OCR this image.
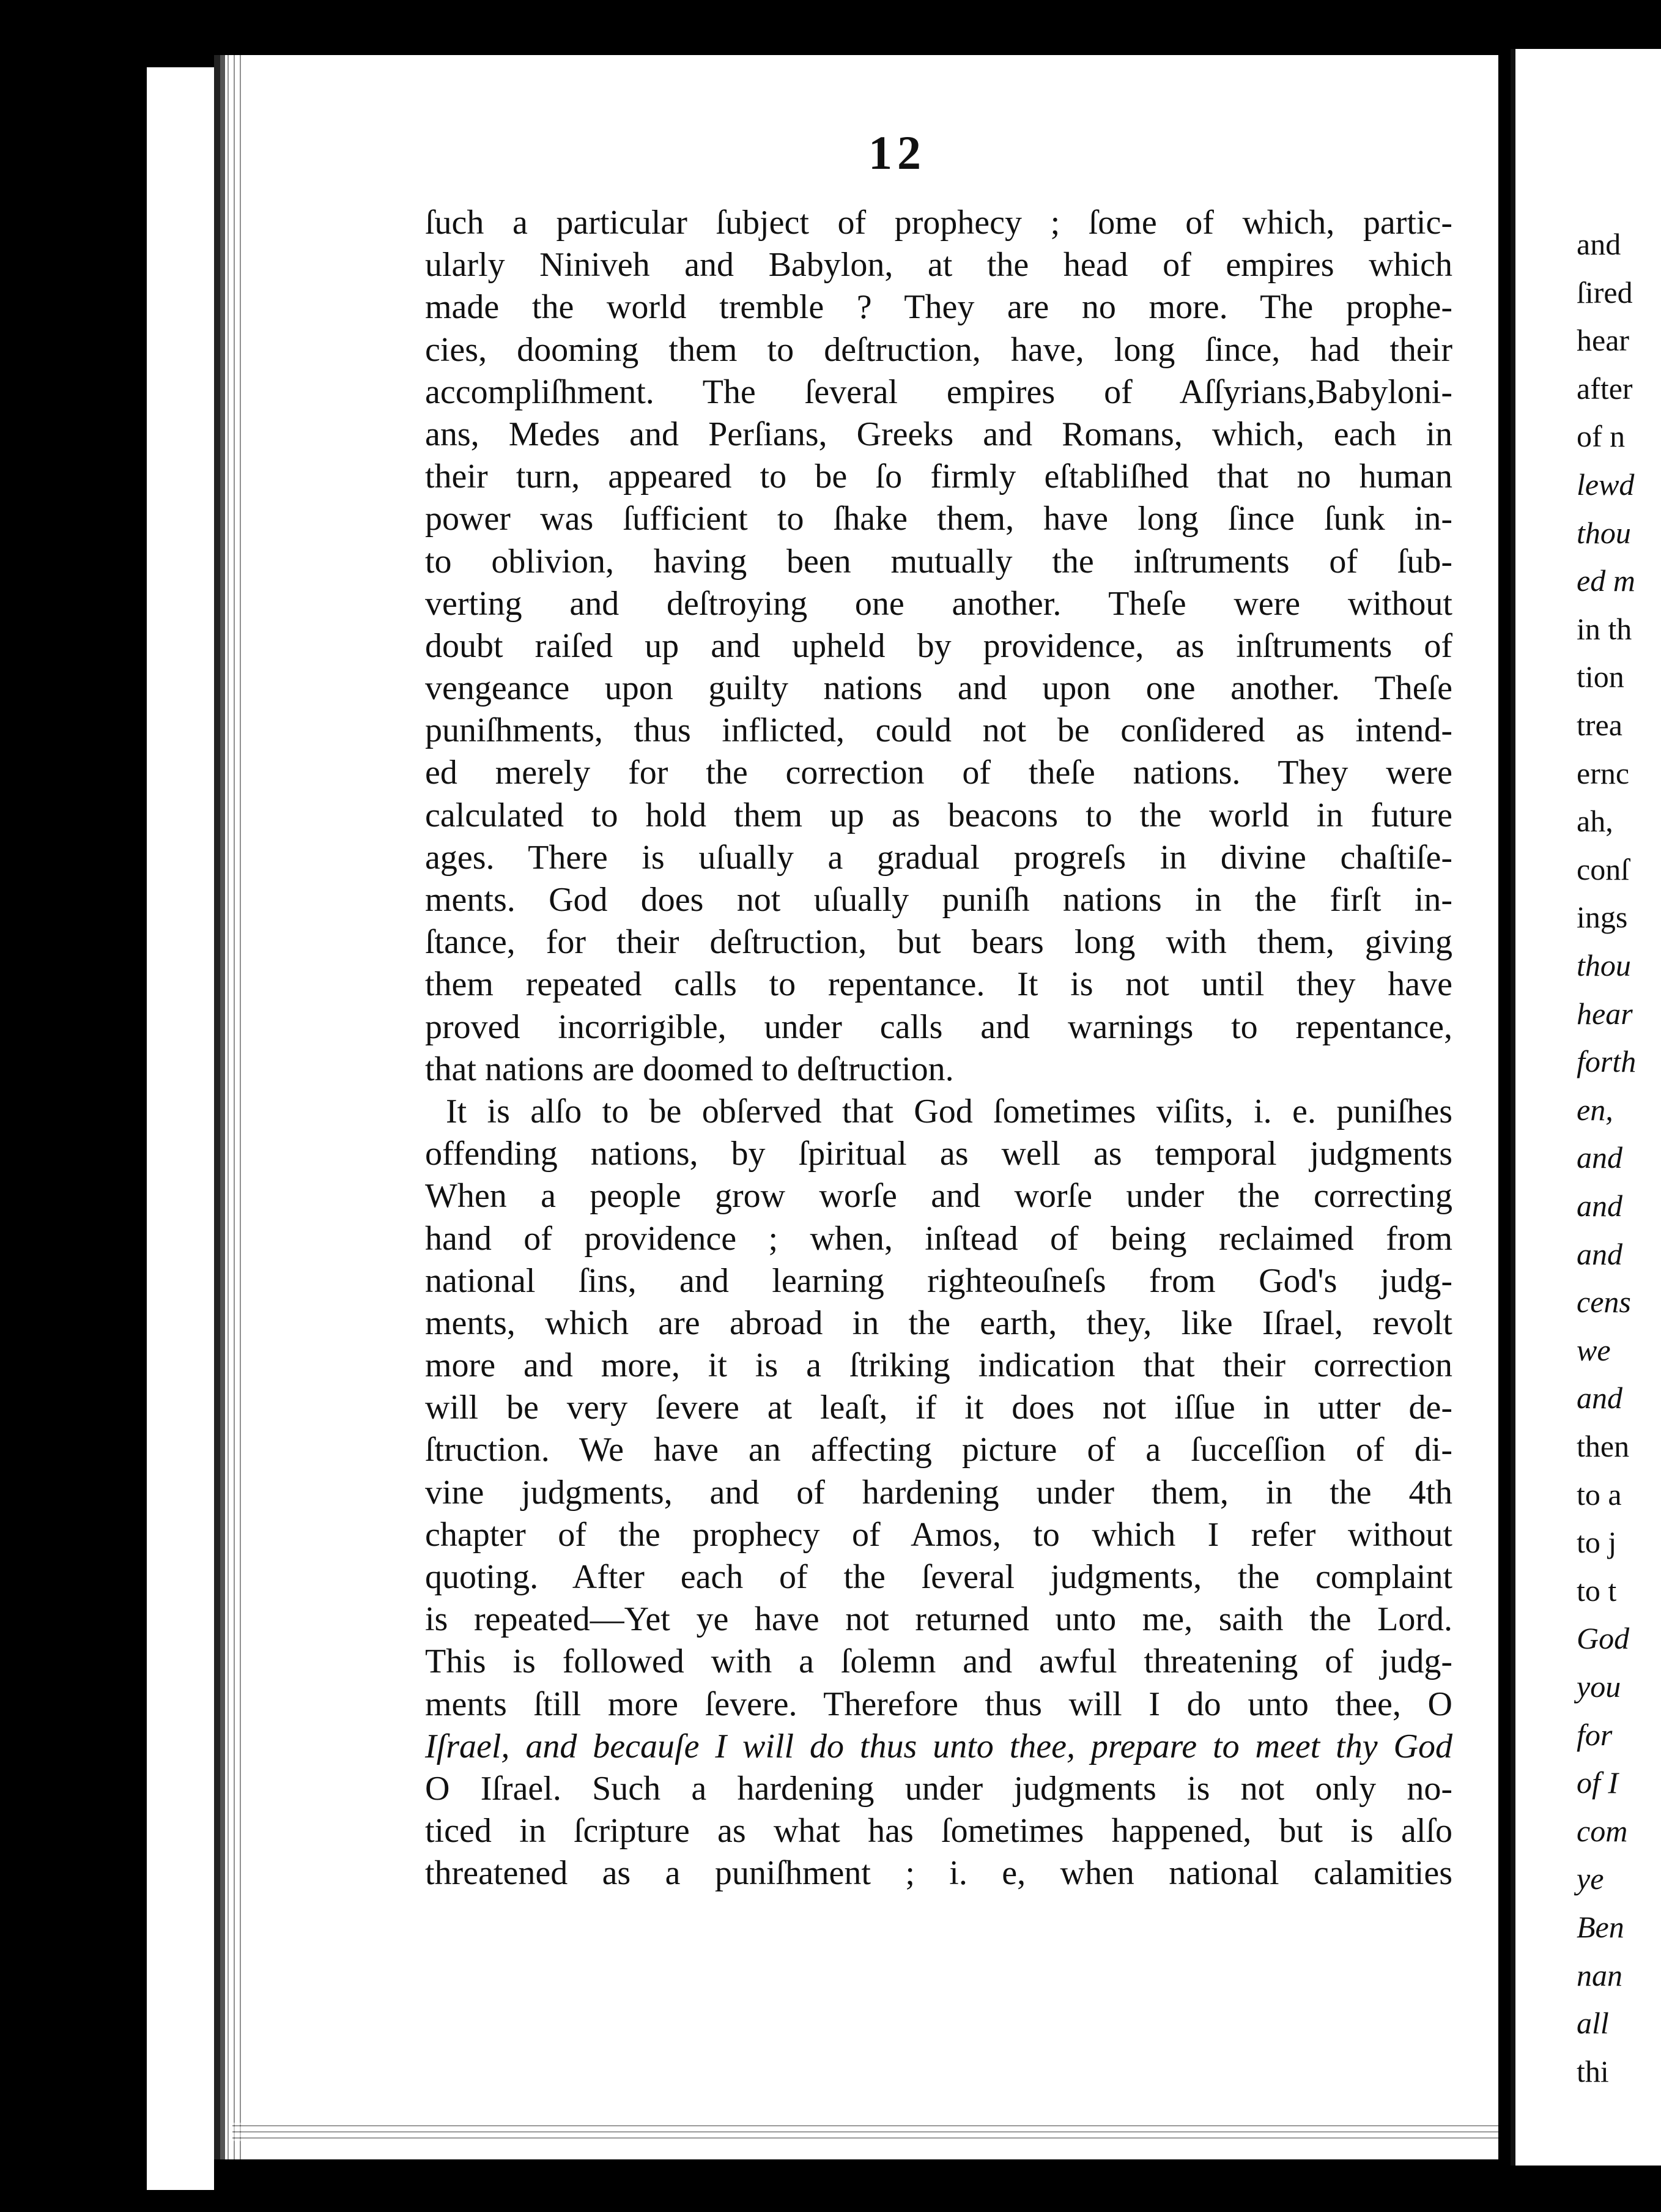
12
ſuch a particular ſubject of prophecy ; ſome of which, partic-
ularly Niniveh and Babylon, at the head of empires which
made the world tremble ? They are no more. The prophe-
cies, dooming them to deſtruction, have, long ſince, had their
accompliſhment. The ſeveral empires of Aſſyrians,Babyloni-
ans, Medes and Perſians, Greeks and Romans, which, each in
their turn, appeared to be ſo firmly eſtabliſhed that no human
power was ſufficient to ſhake them, have long ſince ſunk in-
to oblivion, having been mutually the inſtruments of ſub-
verting and deſtroying one another. Theſe were without
doubt raiſed up and upheld by providence, as inſtruments of
vengeance upon guilty nations and upon one another. Theſe
puniſhments, thus inflicted, could not be conſidered as intend-
ed merely for the correction of theſe nations. They were
calculated to hold them up as beacons to the world in future
ages. There is uſually a gradual progreſs in divine chaſtiſe-
ments. God does not uſually puniſh nations in the firſt in-
ſtance, for their deſtruction, but bears long with them, giving
them repeated calls to repentance. It is not until they have
proved incorrigible, under calls and warnings to repentance,
that nations are doomed to deſtruction.
It is alſo to be obſerved that God ſometimes viſits, i. e. puniſhes
offending nations, by ſpiritual as well as temporal judgments
When a people grow worſe and worſe under the correcting
hand of providence ; when, inſtead of being reclaimed from
national ſins, and learning righteouſneſs from God's judg-
ments, which are abroad in the earth, they, like Iſrael, revolt
more and more, it is a ſtriking indication that their correction
will be very ſevere at leaſt, if it does not iſſue in utter de-
ſtruction. We have an affecting picture of a ſucceſſion of di-
vine judgments, and of hardening under them, in the 4th
chapter of the prophecy of Amos, to which I refer without
quoting. After each of the ſeveral judgments, the complaint
is repeated—Yet ye have not returned unto me, saith the Lord.
This is followed with a ſolemn and awful threatening of judg-
ments ſtill more ſevere. Therefore thus will I do unto thee, O
Iſrael, and becauſe I will do thus unto thee, prepare to meet thy God
O Iſrael. Such a hardening under judgments is not only no-
ticed in ſcripture as what has ſometimes happened, but is alſo
threatened as a puniſhment ; i. e, when national calamities
and
ſired
hear
after
of n
lewd
thou
ed m
in th
tion
trea
ernc
ah,
conſ
ings
thou
hear
forth
en,
and
and
and
cens
we
and
then
to a
to j
to t
God
you
for
of I
com
ye
Ben
nan
all
thi
